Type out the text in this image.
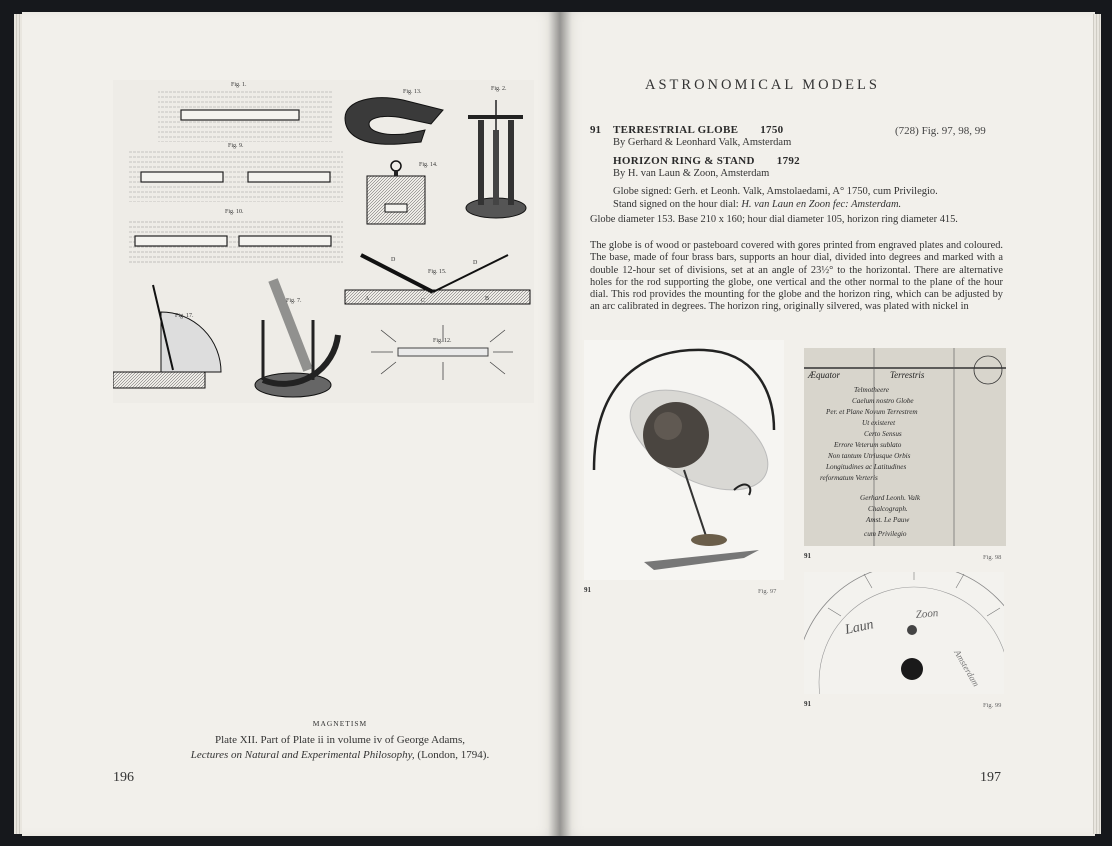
Fig. 1.
Fig. 9.
Fig. 10.
Fig. 13.
Fig. 14.
Fig. 2.
Fig. 15.
D	D
C
A	B
Fig. 17.
Fig. 7.
Fig. 12.
MAGNETISM
Plate XII. Part of Plate ii in volume iv of George Adams,
Lectures on Natural and Experimental Philosophy, (London, 1794).
196
ASTRONOMICAL MODELS
91	(728) Fig. 97, 98, 99
TERRESTRIAL GLOBE 1750
By Gerhard & Leonhard Valk, Amsterdam
HORIZON RING & STAND 1792
By H. van Laun & Zoon, Amsterdam
Globe signed: Gerh. et Leonh. Valk, Amstolaedami, A° 1750, cum Privilegio.
Stand signed on the hour dial: H. van Laun en Zoon fec: Amsterdam.
Globe diameter 153. Base 210 x 160; hour dial diameter 105, horizon ring diameter 415.
The globe is of wood or pasteboard covered with gores printed from engraved plates and coloured. The base, made of four brass bars, supports an hour dial, divided into degrees and marked with a double 12-hour set of divisions, set at an angle of 23½° to the horizontal. There are alternative holes for the rod supporting the globe, one vertical and the other normal to the plane of the hour dial. This rod provides the mounting for the globe and the horizon ring, which can be adjusted by an arc calibrated in degrees. The horizon ring, originally silvered, was plated with nickel in
91	Fig. 97
Æquator	Terrestris
Telmotheere
Caelum nostro Globe
Per. et Plane Novum Terrestrem
Ut existeret
Certo Sensus
Errore Veterum sublato
Non tantum Utriusque Orbis
Longitudines ac Latitudines
reformatum Verteris
Gerhard Leonh. Valk
Chalcograph.
Amst. Le Pauw
cum Privilegio
91	Fig. 98
Laun
Zoon
Amsterdam
91	Fig. 99
197
